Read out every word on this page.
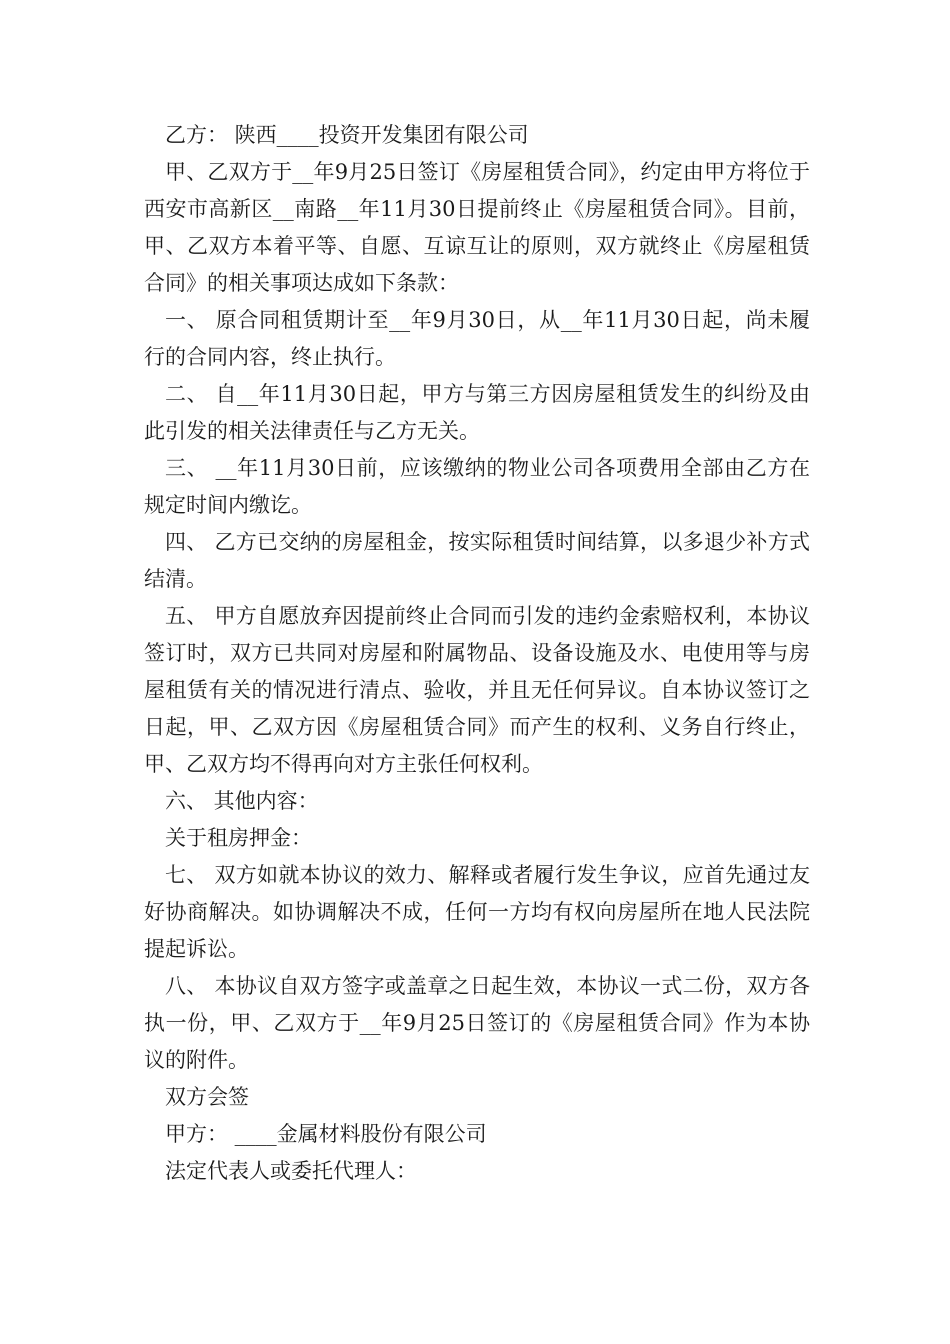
乙方： 陕西____投资开发集团有限公司

甲、乙双方于__年9月25日签订《房屋租赁合同》，约定由甲方将位于西安市高新区__南路__年11月30日提前终止《房屋租赁合同》。目前，甲、乙双方本着平等、自愿、互谅互让的原则，双方就终止《房屋租赁合同》的相关事项达成如下条款：

一、 原合同租赁期计至__年9月30日，从__年11月30日起，尚未履行的合同内容，终止执行。

二、 自__年11月30日起，甲方与第三方因房屋租赁发生的纠纷及由此引发的相关法律责任与乙方无关。

三、 __年11月30日前，应该缴纳的物业公司各项费用全部由乙方在规定时间内缴讫。

四、 乙方已交纳的房屋租金，按实际租赁时间结算，以多退少补方式结清。

五、 甲方自愿放弃因提前终止合同而引发的违约金索赔权利，本协议签订时，双方已共同对房屋和附属物品、设备设施及水、电使用等与房屋租赁有关的情况进行清点、验收，并且无任何异议。自本协议签订之日起，甲、乙双方因《房屋租赁合同》而产生的权利、义务自行终止，甲、乙双方均不得再向对方主张任何权利。

六、 其他内容：

关于租房押金：

七、 双方如就本协议的效力、解释或者履行发生争议，应首先通过友好协商解决。如协调解决不成，任何一方均有权向房屋所在地人民法院提起诉讼。

八、 本协议自双方签字或盖章之日起生效，本协议一式二份，双方各执一份，甲、乙双方于__年9月25日签订的《房屋租赁合同》作为本协议的附件。

双方会签

甲方： ____金属材料股份有限公司

法定代表人或委托代理人：
